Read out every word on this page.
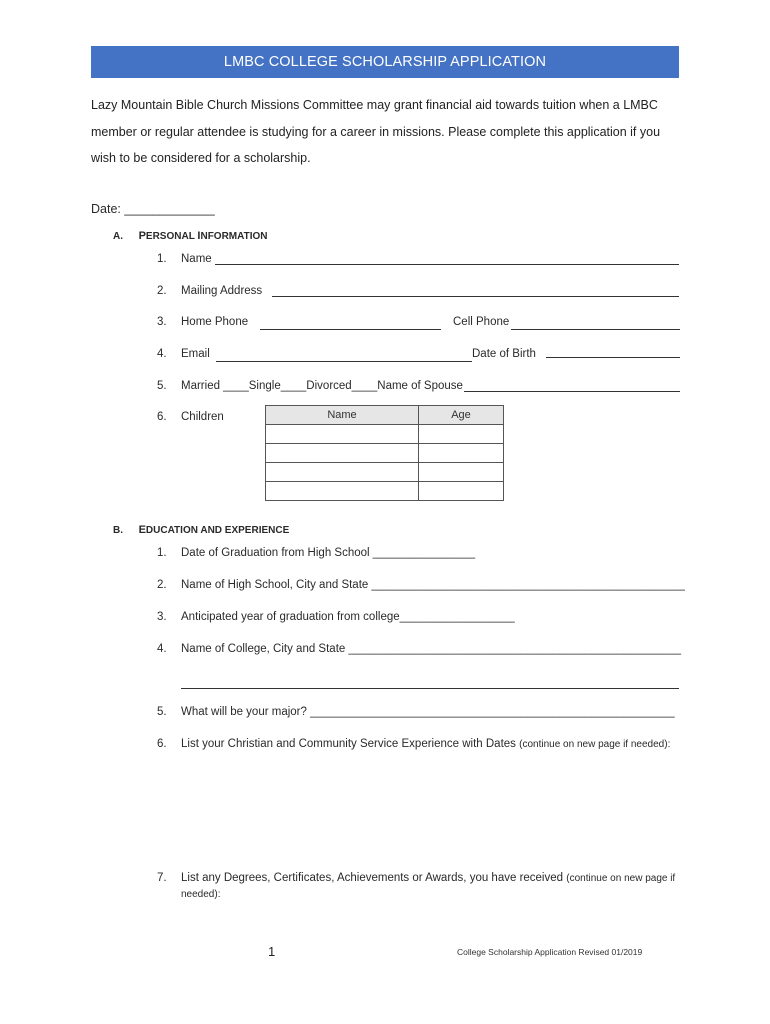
LMBC COLLEGE SCHOLARSHIP APPLICATION
Lazy Mountain Bible Church Missions Committee may grant financial aid towards tuition when a LMBC
member or regular attendee is studying for a career in missions. Please complete this application if you
wish to be considered for a scholarship.
Date: _____________
A. PERSONAL INFORMATION
1. Name
2. Mailing Address
3. Home Phone	Cell Phone
4. Email	Date of Birth
5. Married ____Single____Divorced____Name of Spouse
6. Children	Name	Age

B. EDUCATION AND EXPERIENCE
1. Date of Graduation from High School ________________
2. Name of High School, City and State _________________________________________________
3. Anticipated year of graduation from college__________________
4. Name of College, City and State ____________________________________________________
5. What will be your major? _________________________________________________________
6. List your Christian and Community Service Experience with Dates (continue on new page if needed):
7. List any Degrees, Certificates, Achievements or Awards, you have received (continue on new page if
needed):
1	College Scholarship Application Revised 01/2019
